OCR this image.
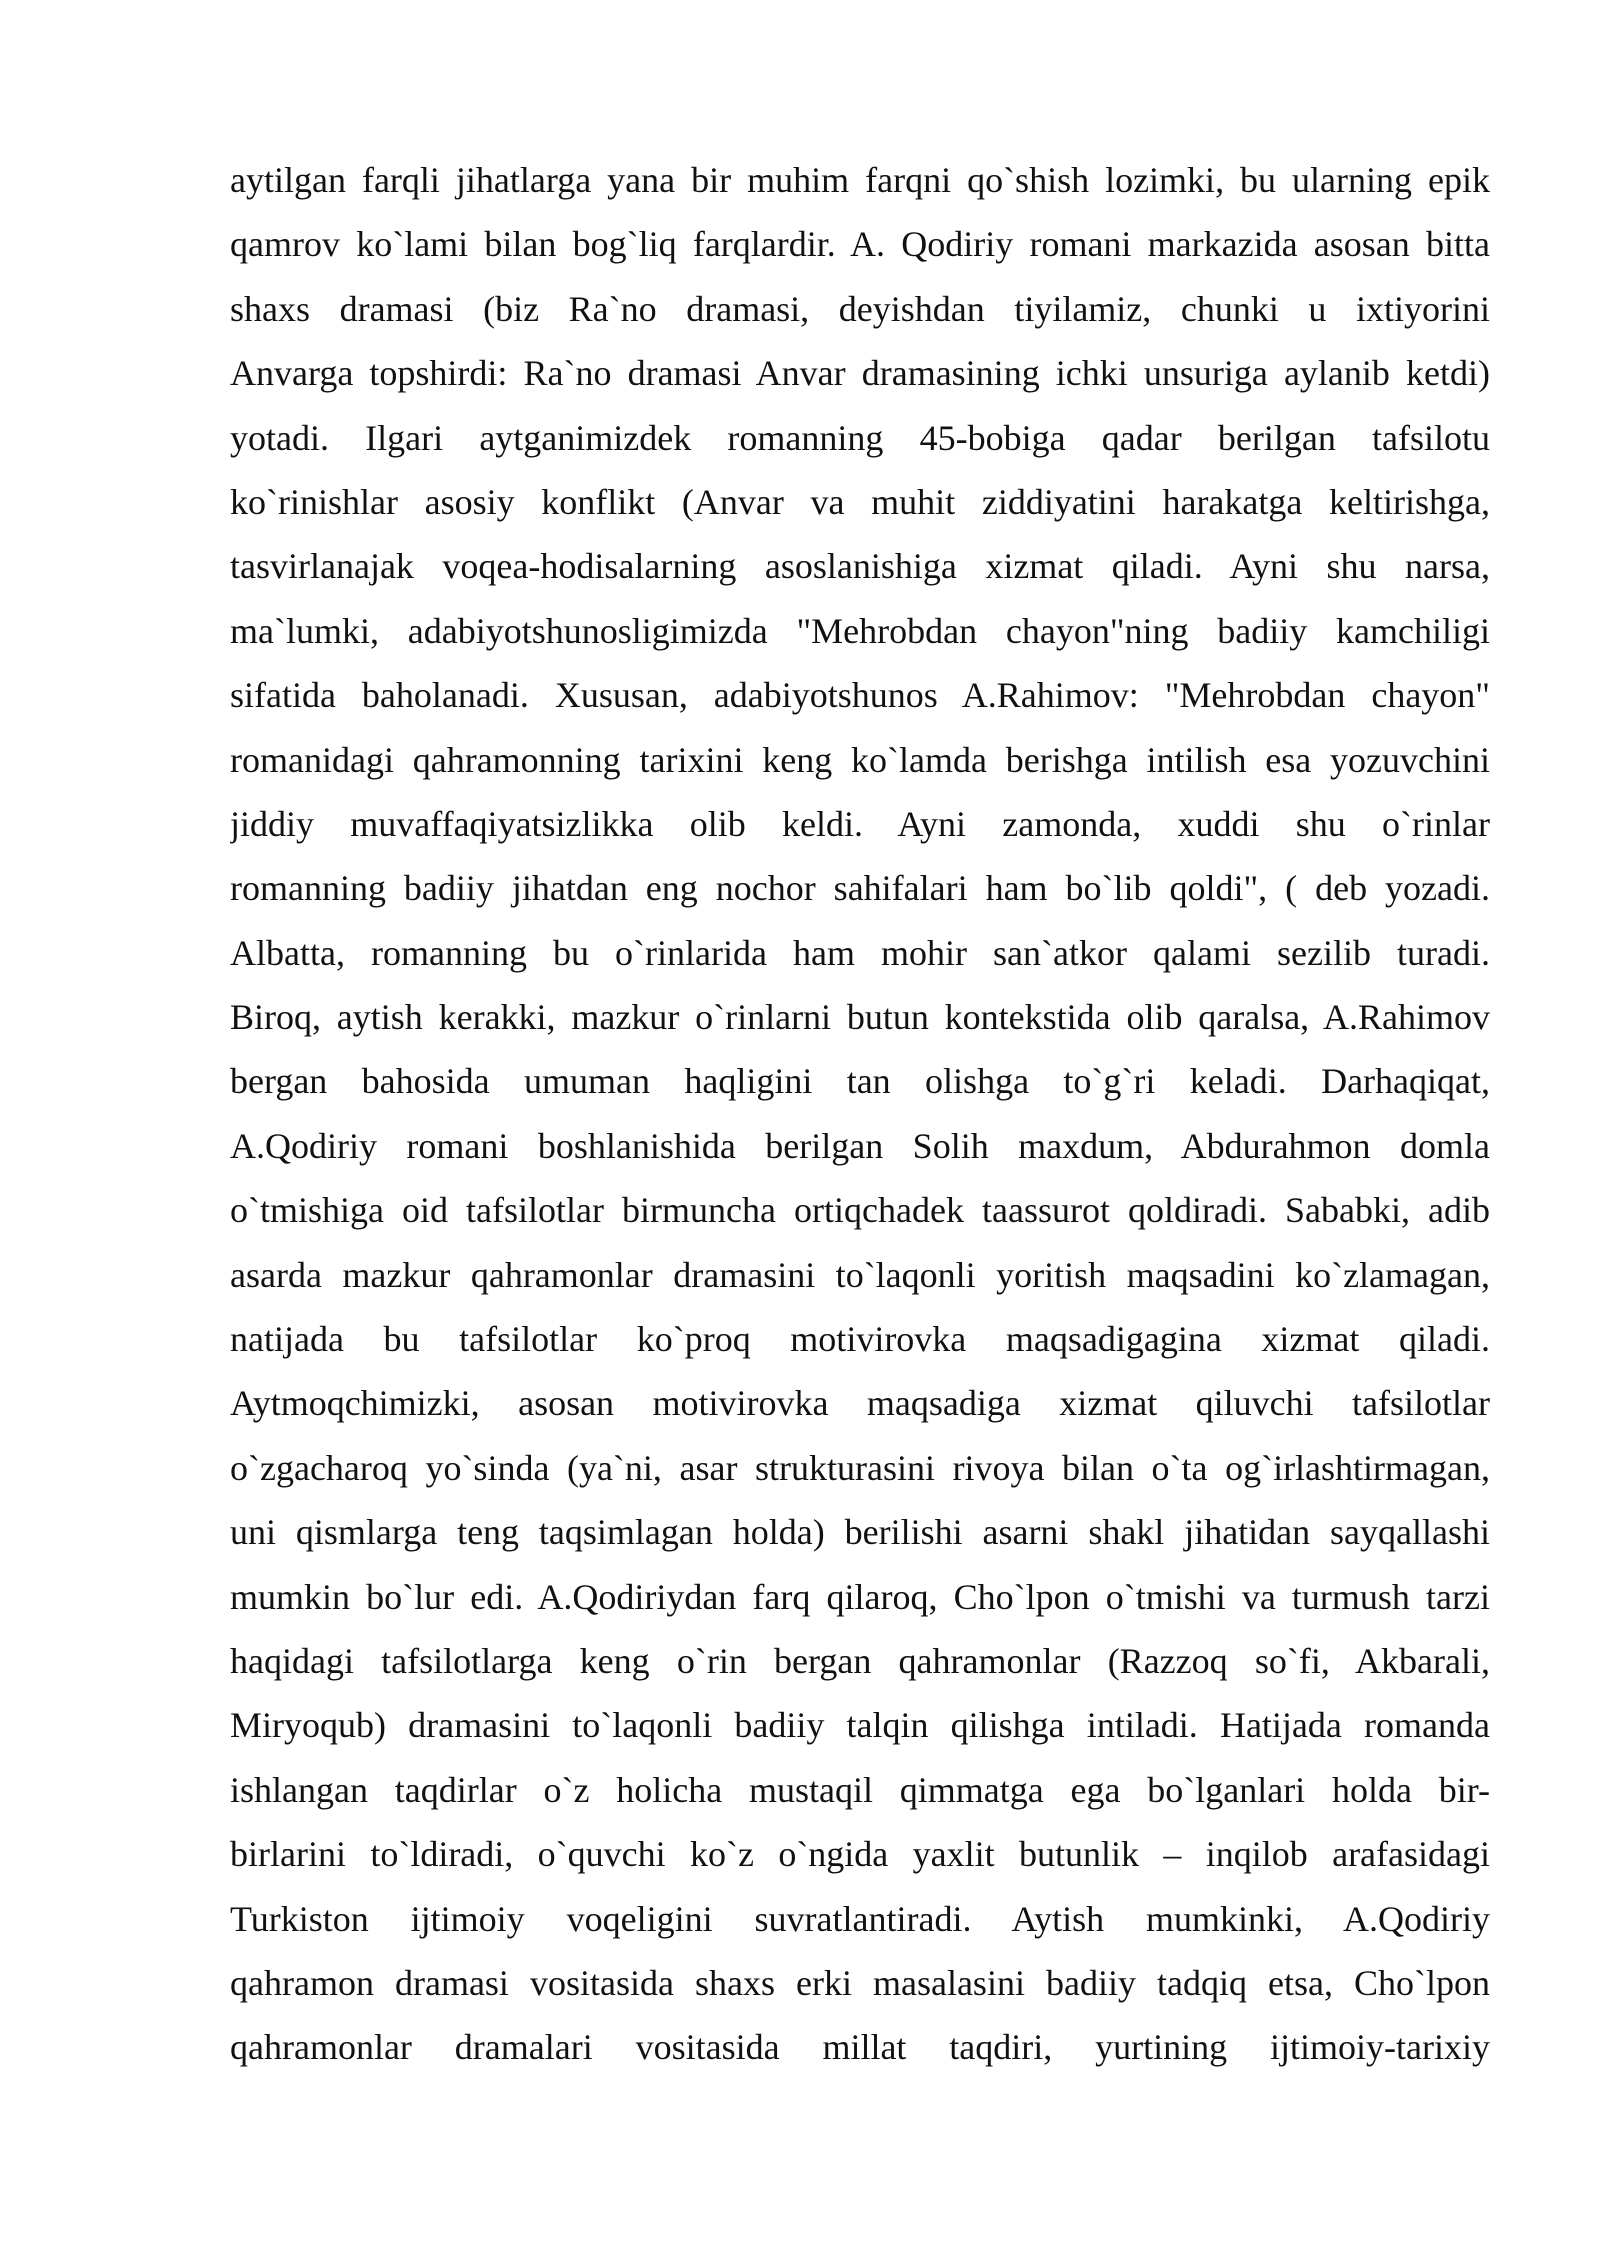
aytilgan farqli jihatlarga yana bir muhim farqni qo`shish lozimki, bu ularning epik
qamrov ko`lami bilan bog`liq farqlardir. A. Qodiriy romani markazida asosan bitta
shaxs dramasi (biz Ra`no dramasi, deyishdan tiyilamiz, chunki u ixtiyorini
Anvarga topshirdi: Ra`no dramasi Anvar dramasining ichki unsuriga aylanib ketdi)
yotadi. Ilgari aytganimizdek romanning 45-bobiga qadar berilgan tafsilotu
ko`rinishlar asosiy konflikt (Anvar va muhit ziddiyatini harakatga keltirishga,
tasvirlanajak voqea-hodisalarning asoslanishiga xizmat qiladi. Ayni shu narsa,
ma`lumki, adabiyotshunosligimizda "Mehrobdan chayon"ning badiiy kamchiligi
sifatida baholanadi. Xususan, adabiyotshunos A.Rahimov: "Mehrobdan chayon"
romanidagi qahramonning tarixini keng ko`lamda berishga intilish esa yozuvchini
jiddiy muvaffaqiyatsizlikka olib keldi. Ayni zamonda, xuddi shu o`rinlar
romanning badiiy jihatdan eng nochor sahifalari ham bo`lib qoldi", ( deb yozadi.
Albatta, romanning bu o`rinlarida ham mohir san`atkor qalami sezilib turadi.
Biroq, aytish kerakki, mazkur o`rinlarni butun kontekstida olib qaralsa, A.Rahimov
bergan bahosida umuman haqligini tan olishga to`g`ri keladi. Darhaqiqat,
A.Qodiriy romani boshlanishida berilgan Solih maxdum, Abdurahmon domla
o`tmishiga oid tafsilotlar birmuncha ortiqchadek taassurot qoldiradi. Sababki, adib
asarda mazkur qahramonlar dramasini to`laqonli yoritish maqsadini ko`zlamagan,
natijada bu tafsilotlar ko`proq motivirovka maqsadigagina xizmat qiladi.
Aytmoqchimizki, asosan motivirovka maqsadiga xizmat qiluvchi tafsilotlar
o`zgacharoq yo`sinda (ya`ni, asar strukturasini rivoya bilan o`ta og`irlashtirmagan,
uni qismlarga teng taqsimlagan holda) berilishi asarni shakl jihatidan sayqallashi
mumkin bo`lur edi. A.Qodiriydan farq qilaroq, Cho`lpon o`tmishi va turmush tarzi
haqidagi tafsilotlarga keng o`rin bergan qahramonlar (Razzoq so`fi, Akbarali,
Miryoqub) dramasini to`laqonli badiiy talqin qilishga intiladi. Hatijada romanda
ishlangan taqdirlar o`z holicha mustaqil qimmatga ega bo`lganlari holda bir-
birlarini to`ldiradi, o`quvchi ko`z o`ngida yaxlit butunlik – inqilob arafasidagi
Turkiston ijtimoiy voqeligini suvratlantiradi. Aytish mumkinki, A.Qodiriy
qahramon dramasi vositasida shaxs erki masalasini badiiy tadqiq etsa, Cho`lpon
qahramonlar dramalari vositasida millat taqdiri, yurtining ijtimoiy-tarixiy
